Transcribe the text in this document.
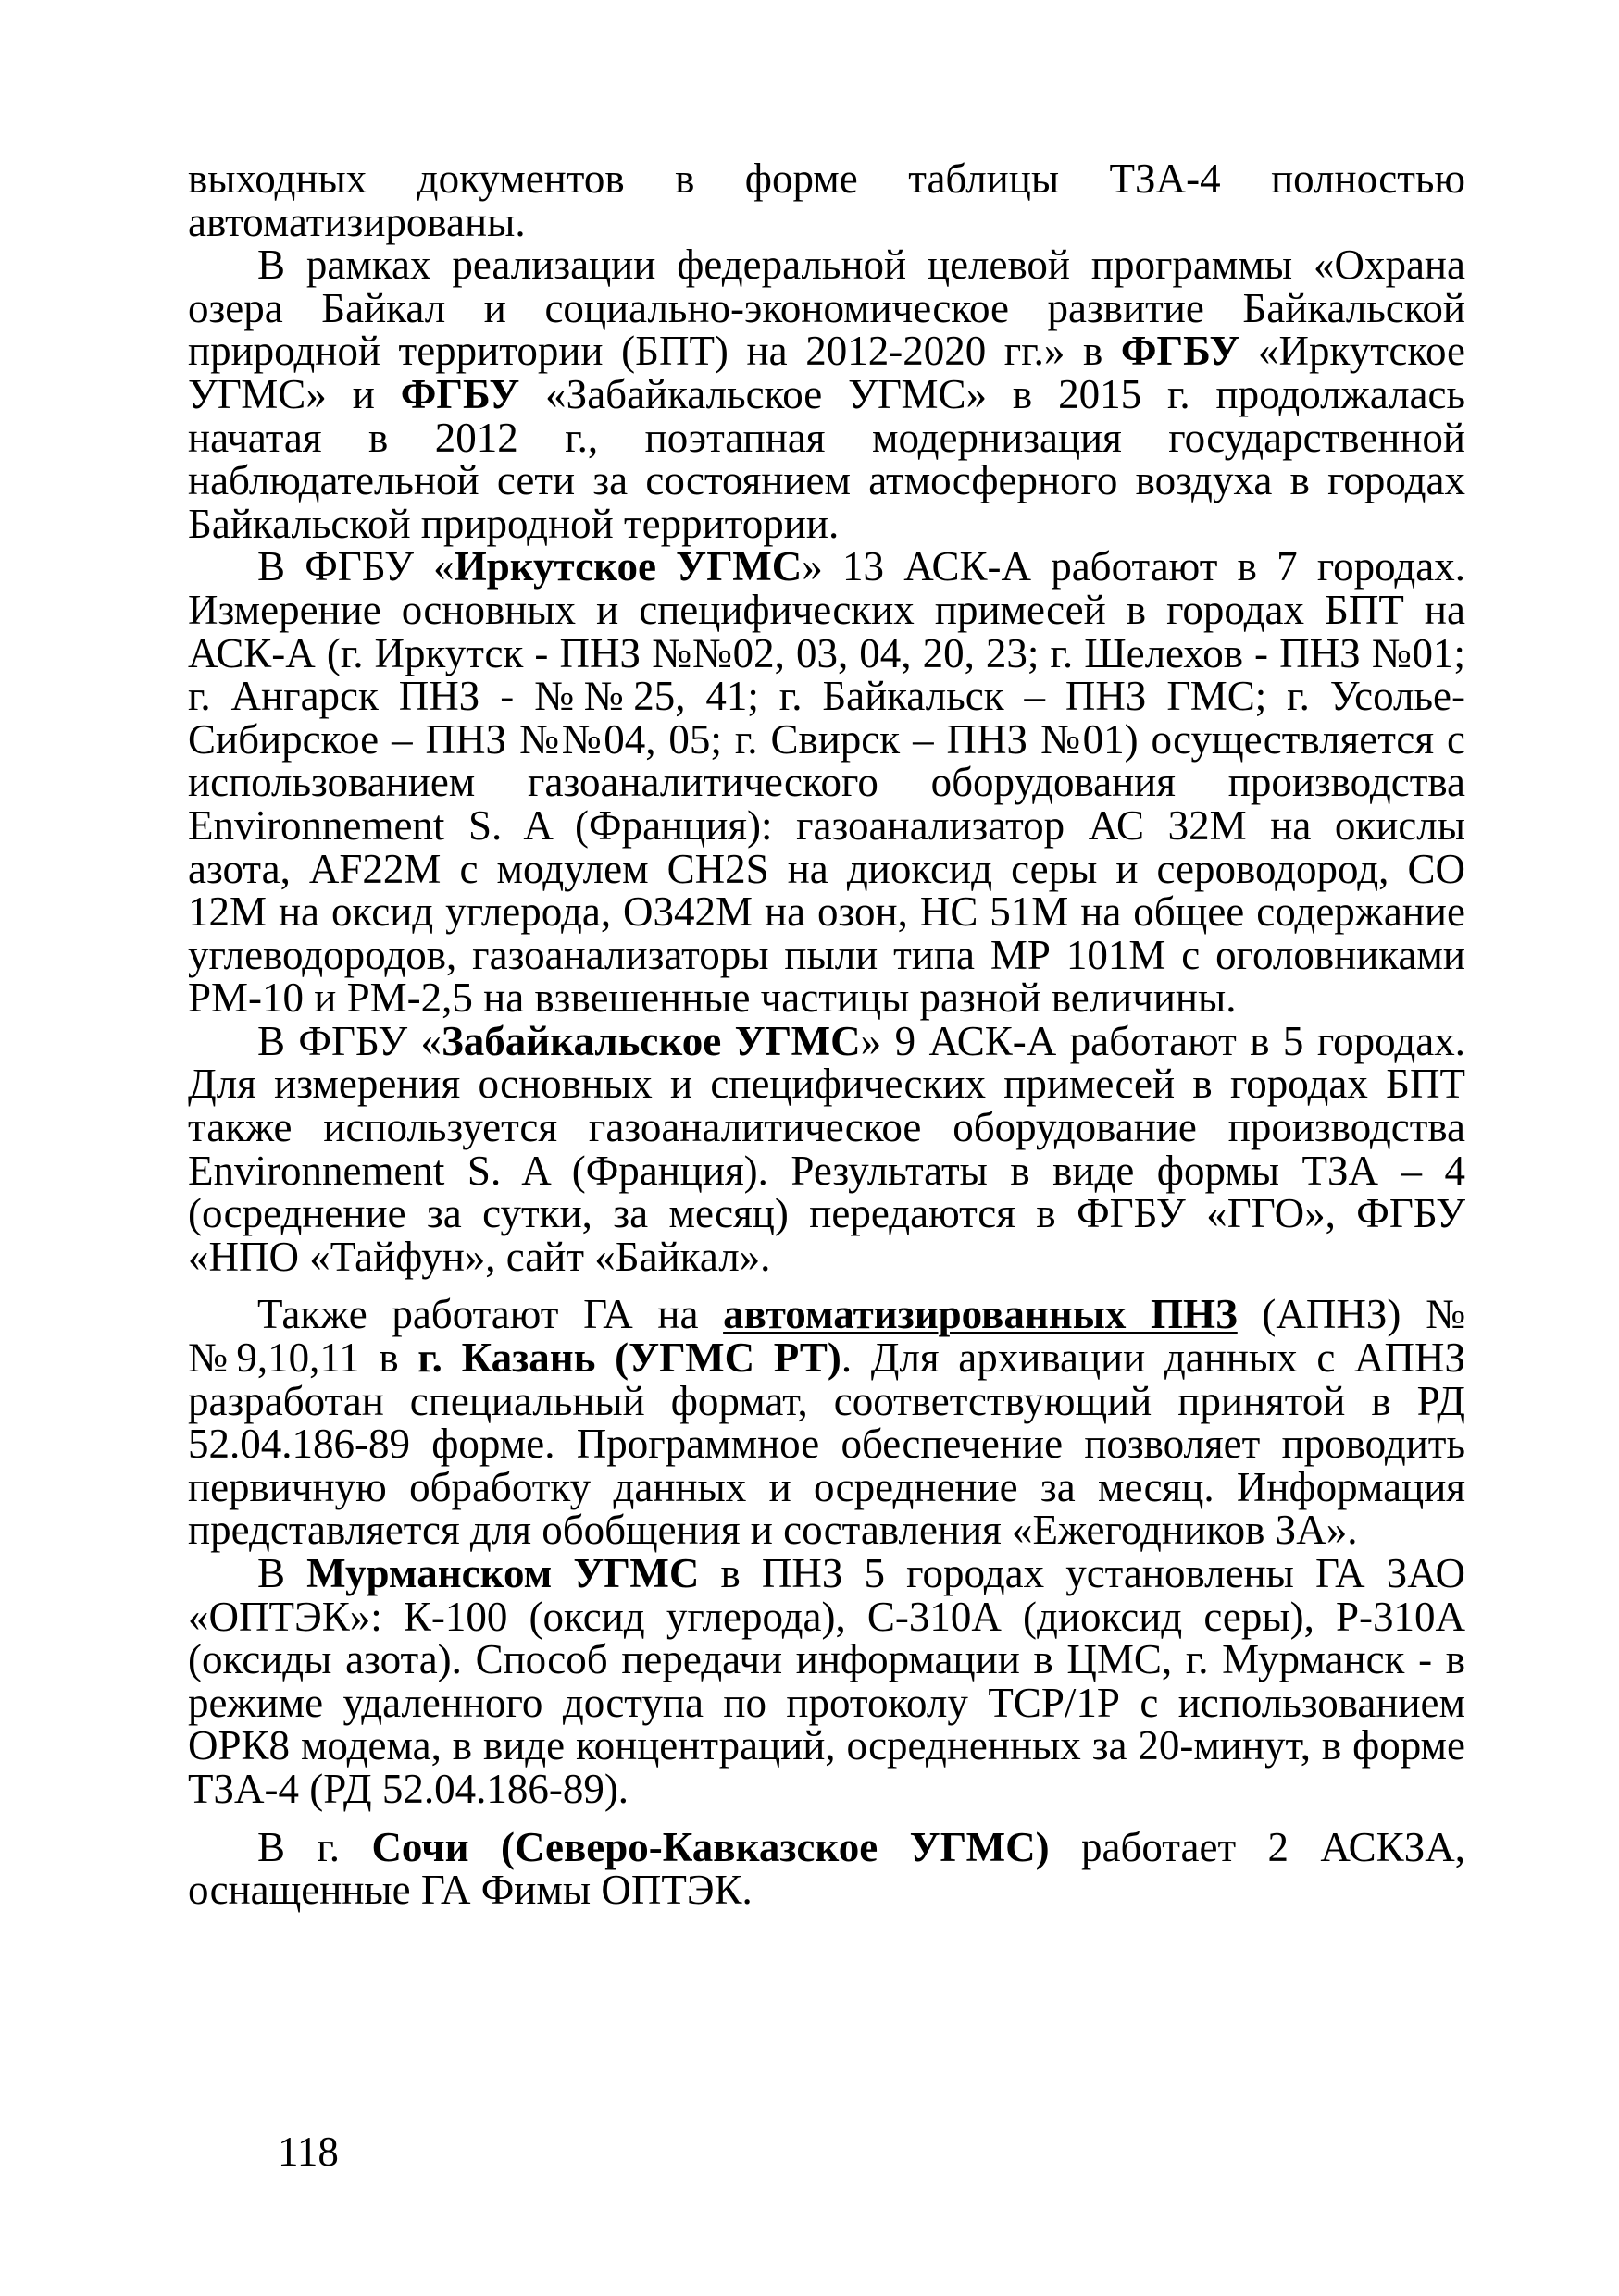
выходных документов в форме таблицы ТЗА-4 полностью

автоматизированы.

В рамках реализации федеральной целевой программы «Охрана озера Байкал и социально-экономическое развитие Байкальской природной территории (БПТ) на 2012-2020 гг.» в ФГБУ «Иркутское УГМС» и ФГБУ «Забайкальское УГМС» в 2015 г. продолжалась начатая в 2012 г., поэтапная модернизация государственной наблюдательной сети за состоянием атмосферного воздуха в городах Байкальской природной территории.

В ФГБУ «Иркутское УГМС» 13 АСК-А работают в 7 городах. Измерение основных и специфических примесей в городах БПТ на АСК-А (г. Иркутск - ПНЗ №№02, 03, 04, 20, 23; г. Шелехов - ПНЗ №01; г. Ангарск ПНЗ - №№25, 41; г. Байкальск – ПНЗ ГМС; г. Усолье-Сибирское – ПНЗ №№04, 05; г. Свирск – ПНЗ №01) осуществляется с использованием газоаналитического оборудования производства Environnement S. A (Франция): газоанализатор АС 32М на окислы азота, AF22M с модулем CH2S на диоксид серы и сероводород, СО 12М на оксид углерода, О342М на озон, НС 51М на общее содержание углеводородов, газоанализаторы пыли типа МР 101М с оголовниками РМ-10 и РМ-2,5 на взвешенные частицы разной величины.

В ФГБУ «Забайкальское УГМС» 9 АСК-А работают в 5 городах. Для измерения основных и специфических примесей в городах БПТ также используется газоаналитическое оборудование производства Environnement S. A (Франция). Результаты в виде формы ТЗА – 4 (осреднение за сутки, за месяц) передаются в ФГБУ «ГГО», ФГБУ «НПО «Тайфун», сайт «Байкал».

Также работают ГА на автоматизированных ПНЗ (АПНЗ) №№9,10,11 в г. Казань (УГМС РТ). Для архивации данных с АПНЗ разработан специальный формат, соответствующий принятой в РД 52.04.186-89 форме. Программное обеспечение позволяет проводить первичную обработку данных и осреднение за месяц. Информация представляется для обобщения и составления «Ежегодников ЗА».

В Мурманском УГМС в ПНЗ 5 городах установлены ГА ЗАО «ОПТЭК»: К-100 (оксид углерода), С-310А (диоксид серы), Р-310А (оксиды азота). Способ передачи информации в ЦМС, г. Мурманск - в режиме удаленного доступа по протоколу ТСР/1Р с использованием ОРК8 модема, в виде концентраций, осредненных за 20-минут, в форме ТЗА-4 (РД 52.04.186-89).

В г. Сочи (Северо-Кавказское УГМС) работает 2 АСКЗА, оснащенные ГА Фимы ОПТЭК.

118
